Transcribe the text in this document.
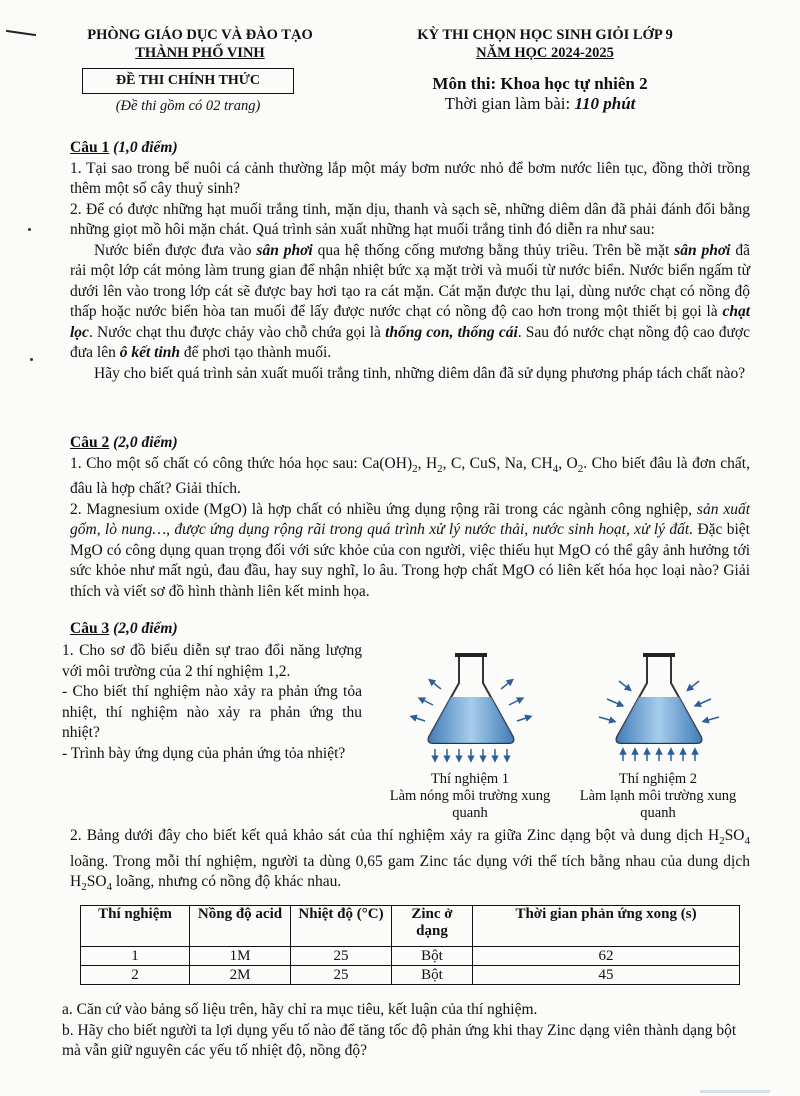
PHÒNG GIÁO DỤC VÀ ĐÀO TẠO
THÀNH PHỐ VINH
KỲ THI CHỌN HỌC SINH GIỎI LỚP 9
NĂM HỌC 2024-2025
ĐỀ THI CHÍNH THỨC
(Đề thi gồm có 02 trang)
Môn thi: Khoa học tự nhiên 2
Thời gian làm bài: 110 phút

Câu 1 (1,0 điểm)

1. Tại sao trong bể nuôi cá cảnh thường lắp một máy bơm nước nhỏ để bơm nước liên tục, đồng thời trồng thêm một số cây thuỷ sinh?

2. Để có được những hạt muối trắng tinh, mặn dịu, thanh và sạch sẽ, những diêm dân đã phải đánh đổi bằng những giọt mồ hôi mặn chát. Quá trình sản xuất những hạt muối trắng tinh đó diễn ra như sau:

Nước biển được đưa vào sân phơi qua hệ thống cống mương bằng thủy triều. Trên bề mặt sân phơi đã rải một lớp cát mỏng làm trung gian để nhận nhiệt bức xạ mặt trời và muối từ nước biển. Nước biển ngấm từ dưới lên vào trong lớp cát sẽ được bay hơi tạo ra cát mặn. Cát mặn được thu lại, dùng nước chạt có nồng độ thấp hoặc nước biển hòa tan muối để lấy được nước chạt có nồng độ cao hơn trong một thiết bị gọi là chạt lọc. Nước chạt thu được chảy vào chỗ chứa gọi là thống con, thống cái. Sau đó nước chạt nồng độ cao được đưa lên ô kết tinh để phơi tạo thành muối.

Hãy cho biết quá trình sản xuất muối trắng tinh, những diêm dân đã sử dụng phương pháp tách chất nào?

Câu 2 (2,0 điểm)

1. Cho một số chất có công thức hóa học sau: $Ca(OH)_2$, $H_2$, C, CuS, Na, $CH_4$, $O_2$. Cho biết đâu là đơn chất, đâu là hợp chất? Giải thích.

2. Magnesium oxide (MgO) là hợp chất có nhiều ứng dụng rộng rãi trong các ngành công nghiệp, sản xuất gốm, lò nung…, được ứng dụng rộng rãi trong quá trình xử lý nước thải, nước sinh hoạt, xử lý đất. Đặc biệt MgO có công dụng quan trọng đối với sức khỏe của con người, việc thiếu hụt MgO có thể gây ảnh hưởng tới sức khỏe như mất ngủ, đau đầu, hay suy nghĩ, lo âu. Trong hợp chất MgO có liên kết hóa học loại nào? Giải thích và viết sơ đồ hình thành liên kết minh họa.

Câu 3 (2,0 điểm)

1. Cho sơ đồ biểu diễn sự trao đổi năng lượng với môi trường của 2 thí nghiệm 1,2.

- Cho biết thí nghiệm nào xảy ra phản ứng tỏa nhiệt, thí nghiệm nào xảy ra phản ứng thu nhiệt?

- Trình bày ứng dụng của phản ứng tỏa nhiệt?

Thí nghiệm 1
Làm nóng môi trường xung quanh
Thí nghiệm 2
Làm lạnh môi trường xung quanh

2. Bảng dưới đây cho biết kết quả khảo sát của thí nghiệm xảy ra giữa Zinc dạng bột và dung dịch $H_2SO_4$ loãng. Trong mỗi thí nghiệm, người ta dùng 0,65 gam Zinc tác dụng với thể tích bằng nhau của dung dịch $H_2SO_4$ loãng, nhưng có nồng độ khác nhau.

Thí nghiệm	Nồng độ acid	Nhiệt độ (°C)	Zinc ở dạng	Thời gian phản ứng xong (s)
1	1M	25	Bột	62
2	2M	25	Bột	45

a. Căn cứ vào bảng số liệu trên, hãy chỉ ra mục tiêu, kết luận của thí nghiệm.

b. Hãy cho biết người ta lợi dụng yếu tố nào để tăng tốc độ phản ứng khi thay Zinc dạng viên thành dạng bột mà vẫn giữ nguyên các yếu tố nhiệt độ, nồng độ?
